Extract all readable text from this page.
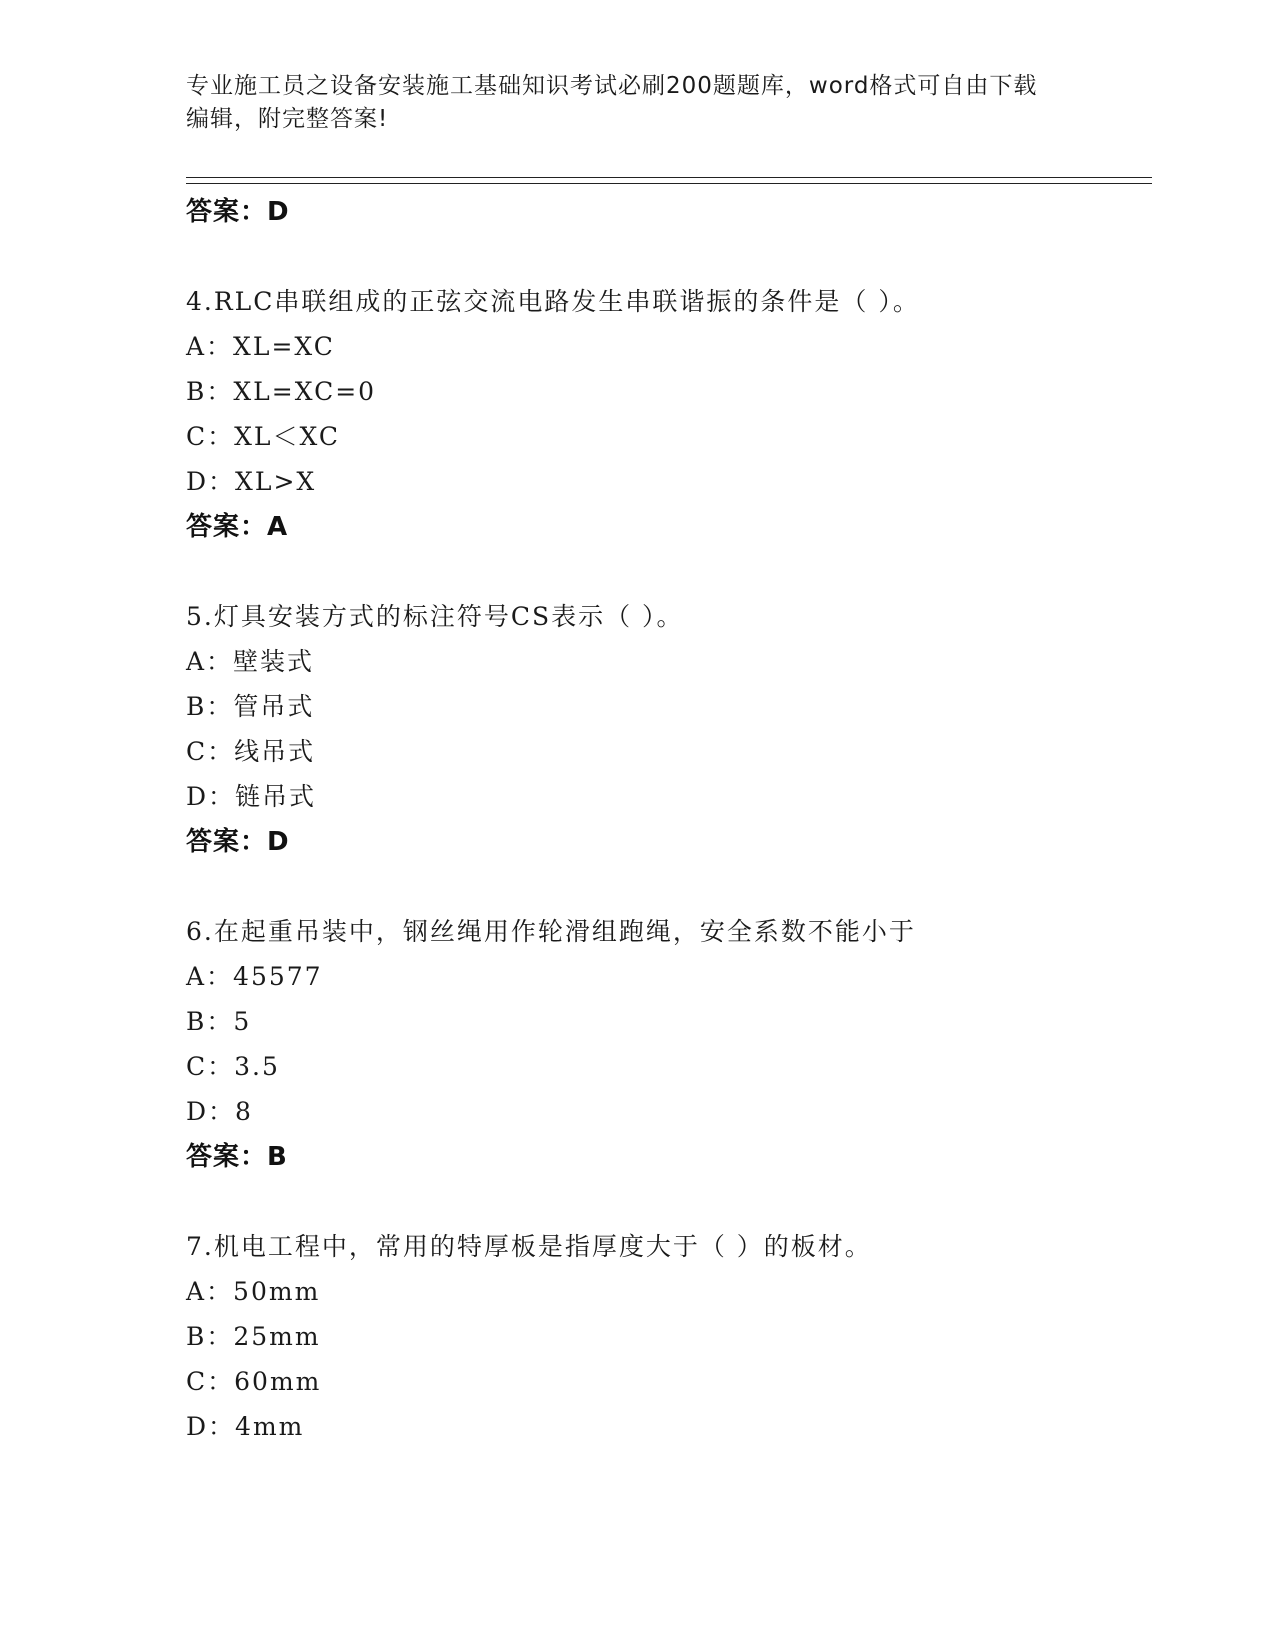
专业施工员之设备安装施工基础知识考试必刷200题题库，word格式可自由下载
编辑，附完整答案!
答案：D
4.RLC串联组成的正弦交流电路发生串联谐振的条件是（ ）。
A：XL=XC
B：XL=XC=0
C：XL＜XC
D：XL>X
答案：A
5.灯具安装方式的标注符号CS表示（ ）。
A：壁装式
B：管吊式
C：线吊式
D：链吊式
答案：D
6.在起重吊装中，钢丝绳用作轮滑组跑绳，安全系数不能小于
A：45577
B：5
C：3.5
D：8
答案：B
7.机电工程中，常用的特厚板是指厚度大于（ ）的板材。
A：50mm
B：25mm
C：60mm
D：4mm
